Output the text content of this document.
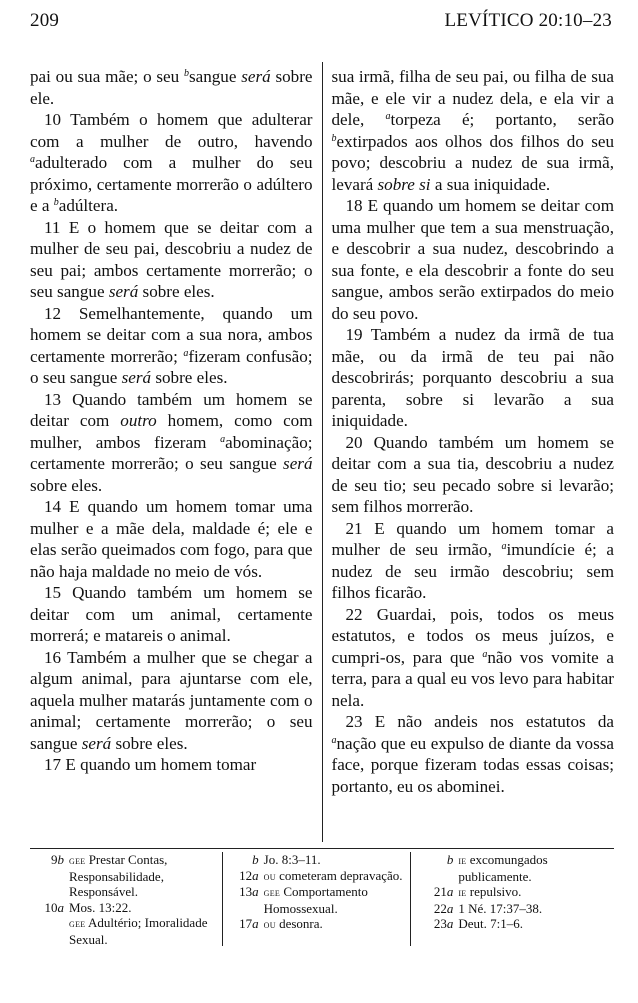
209	LEVÍTICO 20:10–23

pai ou sua mãe; o seu $^b$sangue será sobre ele.

10 Também o homem que adulterar com a mulher de outro, havendo $^a$adulterado com a mulher do seu próximo, certamente morrerão o adúltero e a $^b$adúltera.

11 E o homem que se deitar com a mulher de seu pai, descobriu a nudez de seu pai; ambos certamente morrerão; o seu sangue será sobre eles.

12 Semelhantemente, quando um homem se deitar com a sua nora, ambos certamente morrerão; $^a$fizeram confusão; o seu sangue será sobre eles.

13 Quando também um homem se deitar com outro homem, como com mulher, ambos fizeram $^a$abominação; certamente morrerão; o seu sangue será sobre eles.

14 E quando um homem tomar uma mulher e a mãe dela, maldade é; ele e elas serão queimados com fogo, para que não haja maldade no meio de vós.

15 Quando também um homem se deitar com um animal, certamente morrerá; e matareis o animal.

16 Também a mulher que se chegar a algum animal, para ajuntarse com ele, aquela mulher matarás juntamente com o animal; certamente morrerão; o seu sangue será sobre eles.

17 E quando um homem tomar

sua irmã, filha de seu pai, ou filha de sua mãe, e ele vir a nudez dela, e ela vir a dele, $^a$torpeza é; portanto, serão $^b$extirpados aos olhos dos filhos do seu povo; descobriu a nudez de sua irmã, levará sobre si a sua iniquidade.

18 E quando um homem se deitar com uma mulher que tem a sua menstruação, e descobrir a sua nudez, descobrindo a sua fonte, e ela descobrir a fonte do seu sangue, ambos serão extirpados do meio do seu povo.

19 Também a nudez da irmã de tua mãe, ou da irmã de teu pai não descobrirás; porquanto descobriu a sua parenta, sobre si levarão a sua iniquidade.

20 Quando também um homem se deitar com a sua tia, descobriu a nudez de seu tio; seu pecado sobre si levarão; sem filhos morrerão.

21 E quando um homem tomar a mulher de seu irmão, $^a$imundície é; a nudez de seu irmão descobriu; sem filhos ficarão.

22 Guardai, pois, todos os meus estatutos, e todos os meus juízos, e cumpri-os, para que $^a$não vos vomite a terra, para a qual eu vos levo para habitar nela.

23 E não andeis nos estatutos da $^a$nação que eu expulso de diante da vossa face, porque fizeram todas essas coisas; portanto, eu os abominei.

9b gee Prestar Contas, Responsabilidade, Responsável.
10a Mos. 13:22.
gee Adultério; Imoralidade Sexual.
b Jo. 8:3–11.
12a ou cometeram depravação.
13a gee Comportamento Homossexual.
17a ou desonra.
b ie excomungados publicamente.
21a ie repulsivo.
22a 1 Né. 17:37–38.
23a Deut. 7:1–6.
